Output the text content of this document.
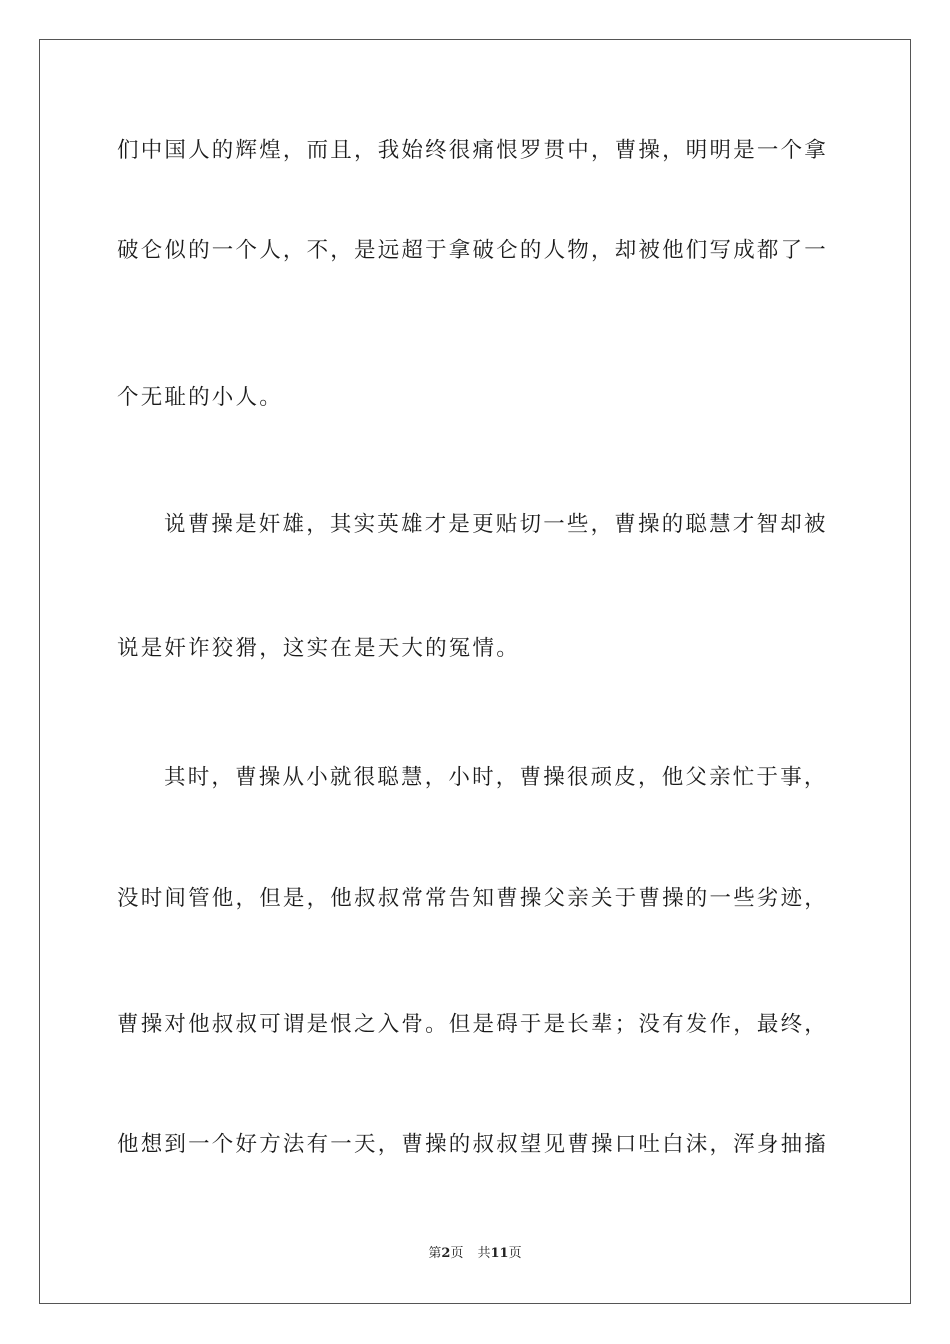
们中国人的辉煌，而且，我始终很痛恨罗贯中，曹操，明明是一个拿

破仑似的一个人，不，是远超于拿破仑的人物，却被他们写成都了一

个无耻的小人。

说曹操是奸雄，其实英雄才是更贴切一些，曹操的聪慧才智却被

说是奸诈狡猾，这实在是天大的冤情。

其时，曹操从小就很聪慧，小时，曹操很顽皮，他父亲忙于事，

没时间管他，但是，他叔叔常常告知曹操父亲关于曹操的一些劣迹，

曹操对他叔叔可谓是恨之入骨。但是碍于是长辈；没有发作，最终，

他想到一个好方法有一天，曹操的叔叔望见曹操口吐白沫，浑身抽搐

第2页 共11页
